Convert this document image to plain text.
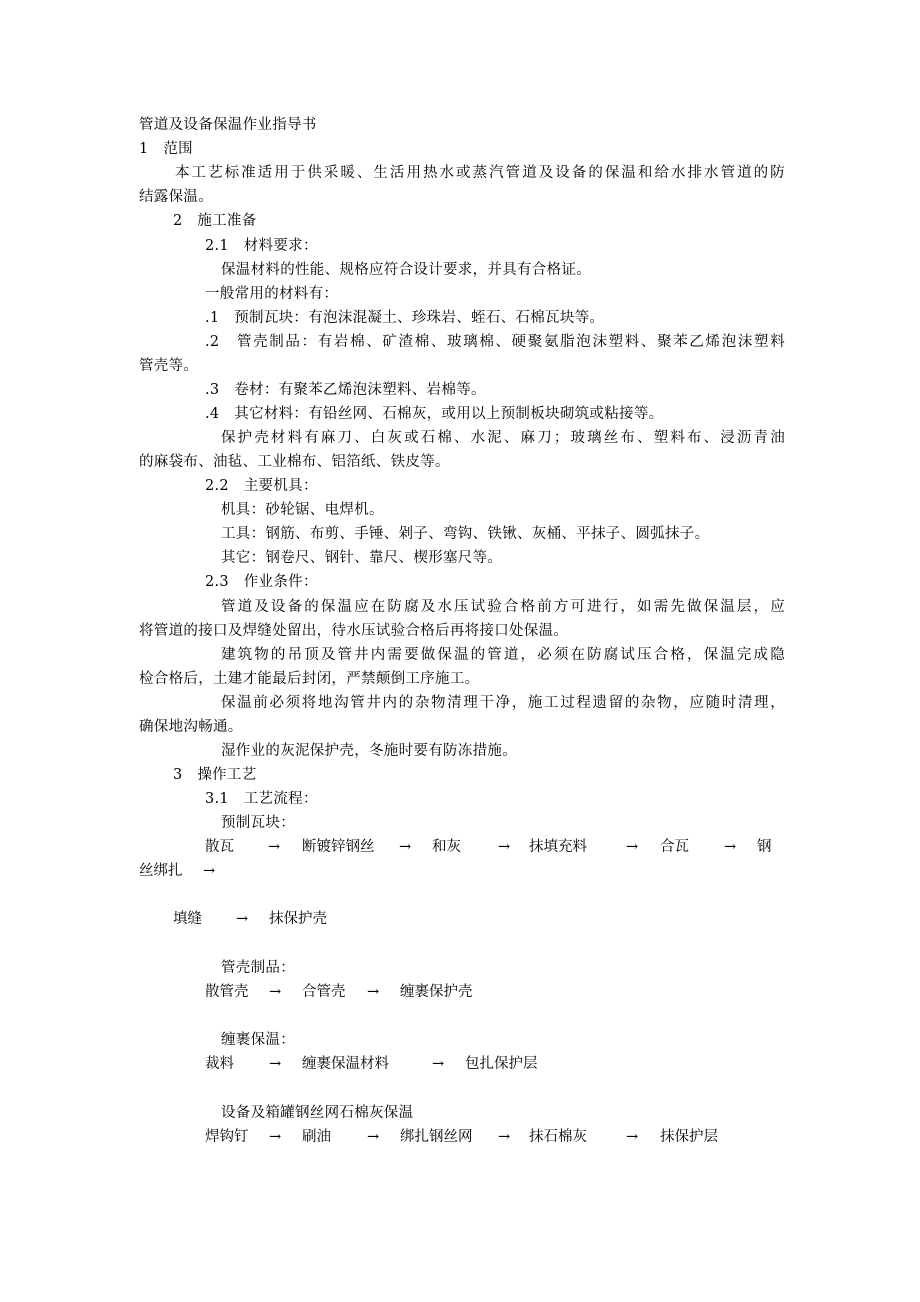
管道及设备保温作业指导书
1　范围
本工艺标准适用于供采暖、生活用热水或蒸汽管道及设备的保温和给水排水管道的防
结露保温。
2　施工准备
2.1　材料要求：
保温材料的性能、规格应符合设计要求，并具有合格证。
一般常用的材料有：
.1　预制瓦块：有泡沫混凝土、珍珠岩、蛭石、石棉瓦块等。
.2　管壳制品：有岩棉、矿渣棉、玻璃棉、硬聚氨脂泡沫塑料、聚苯乙烯泡沫塑料
管壳等。
.3　卷材：有聚苯乙烯泡沫塑料、岩棉等。
.4　其它材料：有铅丝网、石棉灰，或用以上预制板块砌筑或粘接等。
保护壳材料有麻刀、白灰或石棉、水泥、麻刀；玻璃丝布、塑料布、浸沥青油
的麻袋布、油毡、工业棉布、铝箔纸、铁皮等。
2.2　主要机具：
机具：砂轮锯、电焊机。
工具：钢筋、布剪、手锤、剁子、弯钩、铁锹、灰桶、平抹子、圆弧抹子。
其它：钢卷尺、钢针、靠尺、楔形塞尺等。
2.3　作业条件：
管道及设备的保温应在防腐及水压试验合格前方可进行，如需先做保温层，应
将管道的接口及焊缝处留出，待水压试验合格后再将接口处保温。
建筑物的吊顶及管井内需要做保温的管道，必须在防腐试压合格，保温完成隐
检合格后，土建才能最后封闭，严禁颠倒工序施工。
保温前必须将地沟管井内的杂物清理干净，施工过程遗留的杂物，应随时清理，
确保地沟畅通。
湿作业的灰泥保护壳，冬施时要有防冻措施。
3　操作工艺
3.1　工艺流程：
预制瓦块：
散瓦 → 断镀锌钢丝 → 和灰	→ 抹填充料	→ 合瓦 → 钢
丝绑扎 →
填缝 → 抹保护壳
管壳制品：
散管壳 → 合管壳 → 缠裹保护壳
缠裹保温：
裁料 → 缠裹保温材料	→ 包扎保护层
设备及箱罐钢丝网石棉灰保温
焊钩钉 → 刷油 → 绑扎钢丝网 → 抹石棉灰	→ 抹保护层
